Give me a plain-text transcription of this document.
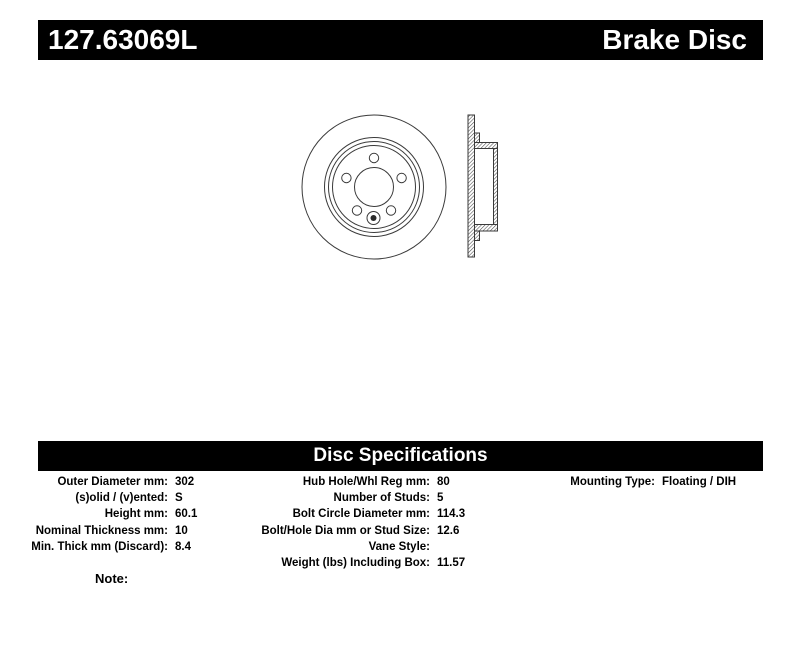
127.63069L	Brake Disc
Disc Specifications
Outer Diameter mm: 302
(s)olid / (v)ented: S
Height mm: 60.1
Nominal Thickness mm: 10
Min. Thick mm (Discard): 8.4
Hub Hole/Whl Reg mm: 80
Number of Studs: 5
Bolt Circle Diameter mm: 114.3
Bolt/Hole Dia mm or Stud Size: 12.6
Vane Style:
Weight (lbs) Including Box: 11.57
Mounting Type: Floating / DIH
Note:
